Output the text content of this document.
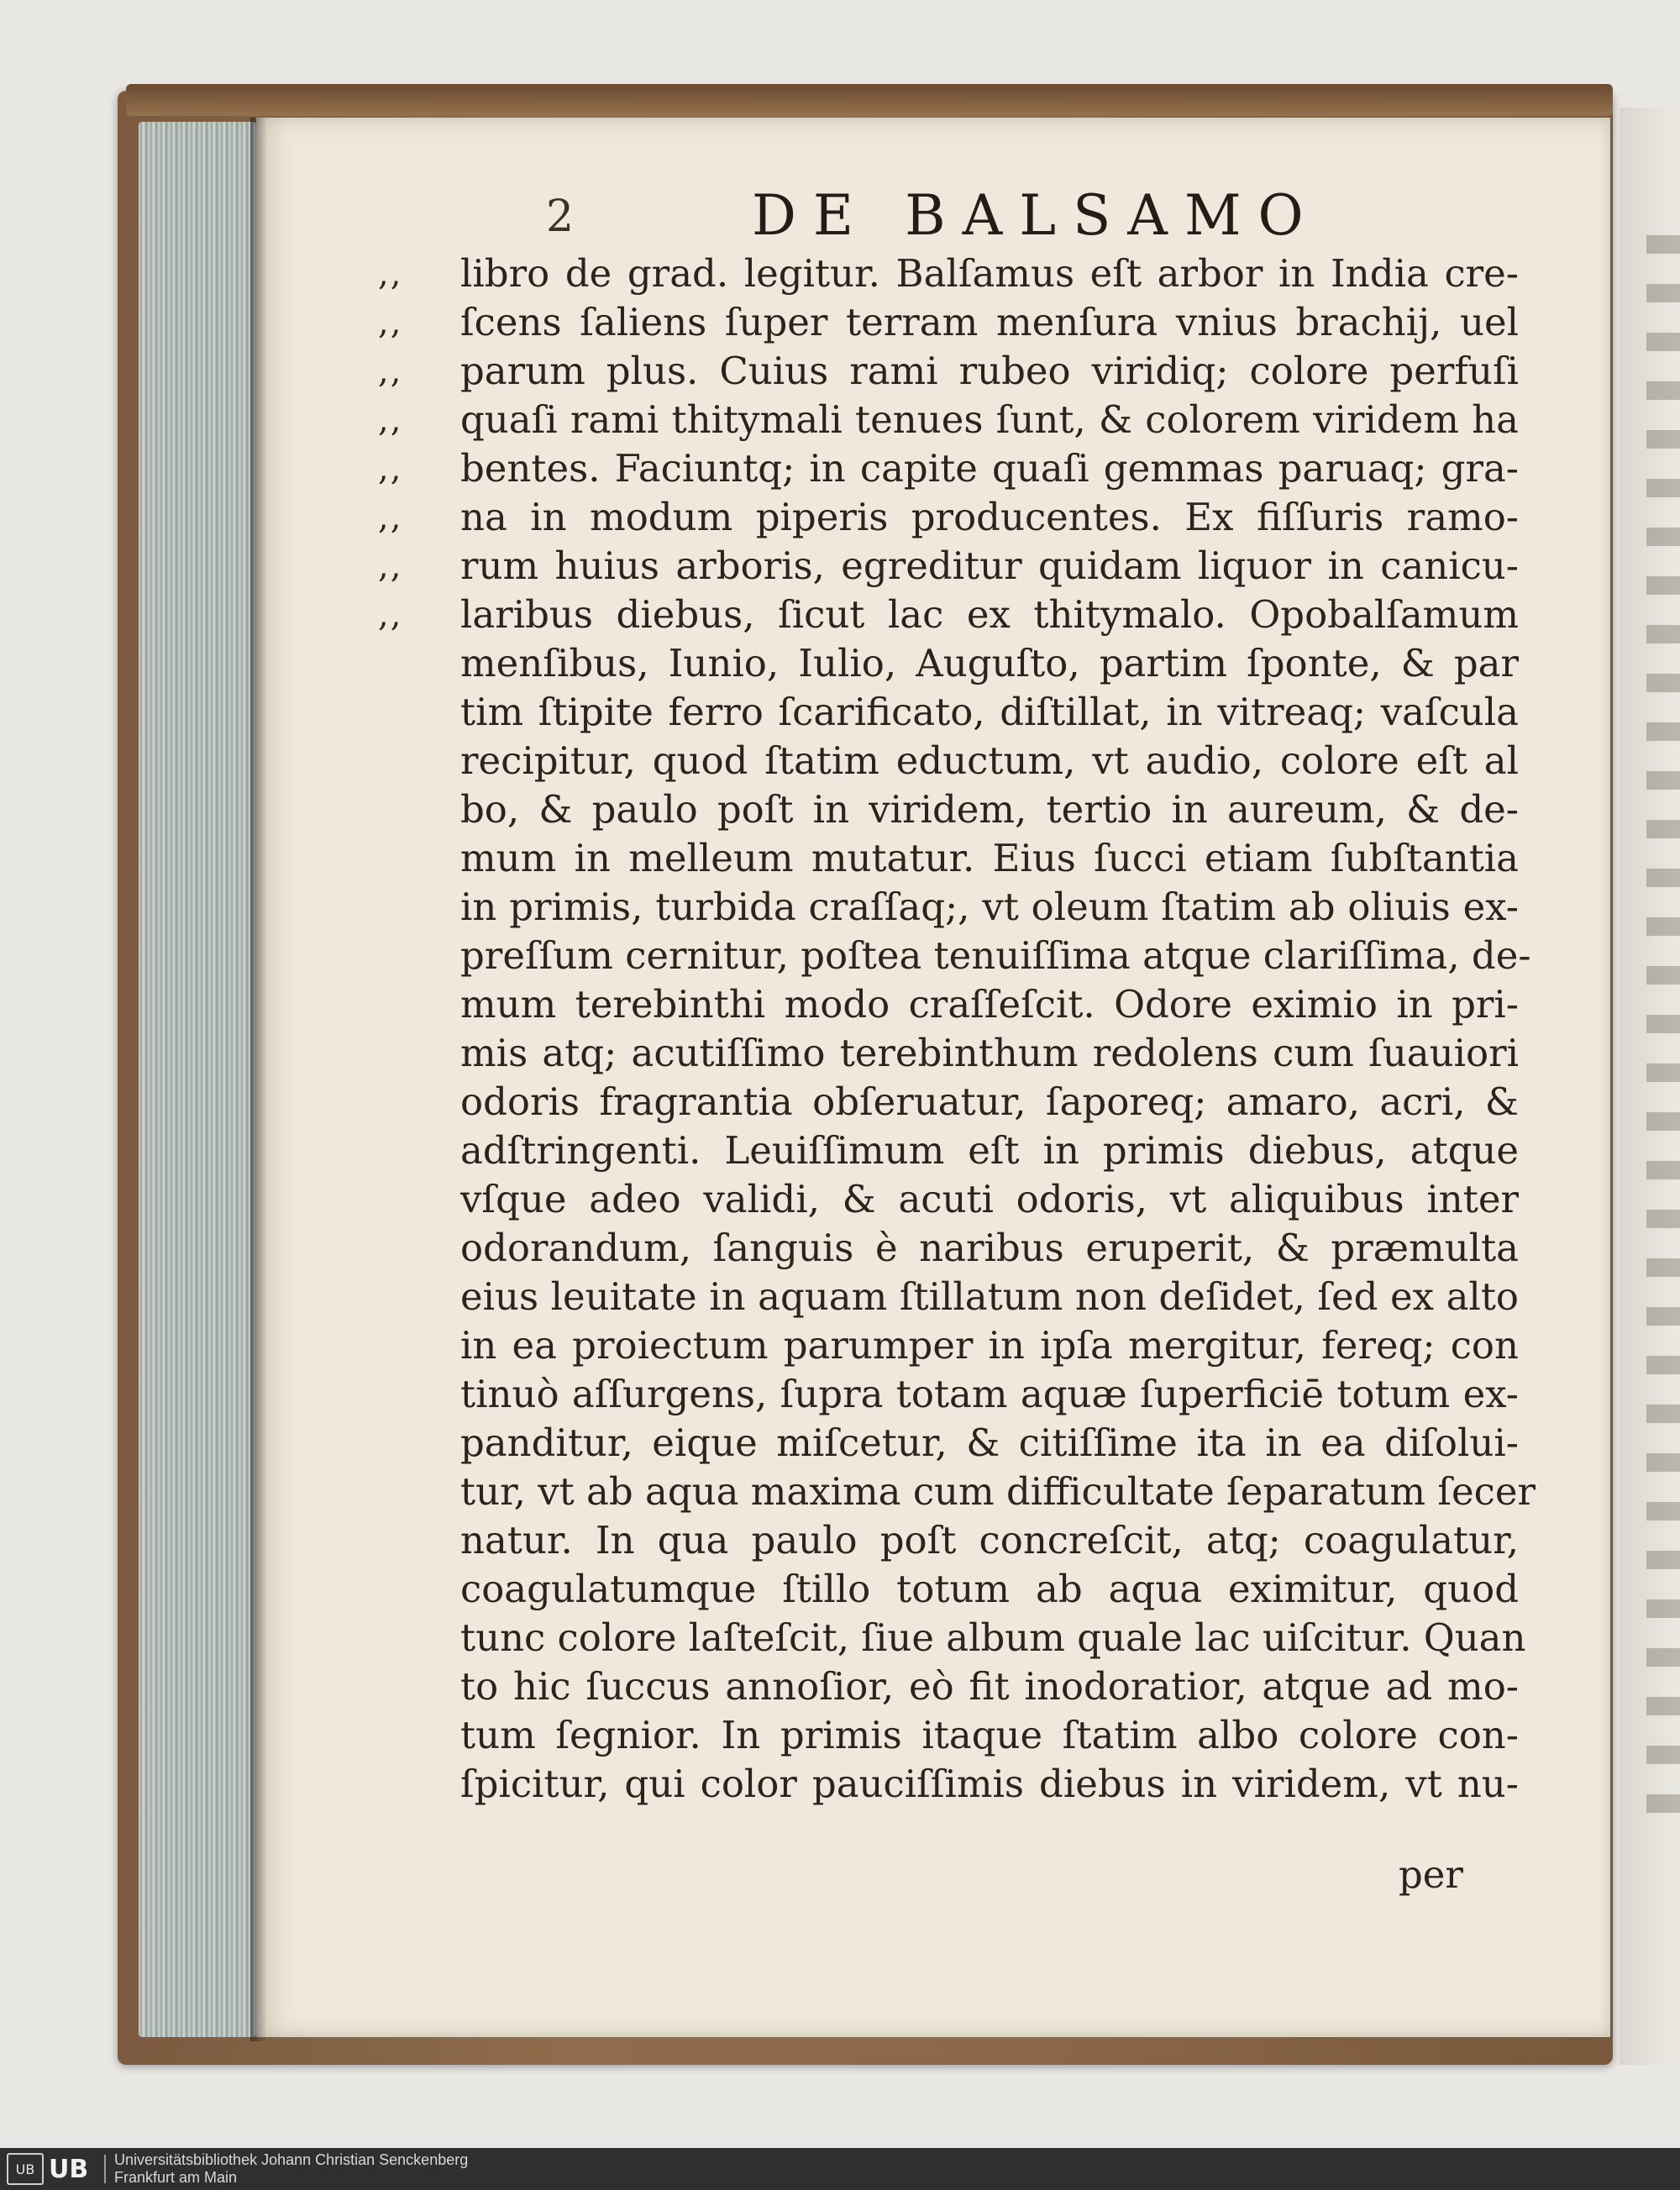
2	DE BALSAMO
,, libro de grad. legitur. Balſamus eſt arbor in India cre-
,, ſcens ſaliens ſuper terram menſura vnius brachij, uel
,, parum plus. Cuius rami rubeo viridiq; colore perfuſi
,, quaſi rami thitymali tenues ſunt, & colorem viridem ha
,, bentes. Faciuntq; in capite quaſi gemmas paruaq; gra-
,, na in modum piperis producentes. Ex fiſſuris ramo-
,, rum huius arboris, egreditur quidam liquor in canicu-
,, laribus diebus, ſicut lac ex thitymalo. Opobalſamum
menſibus, Iunio, Iulio, Auguſto, partim ſponte, & par
tim ſtipite ferro ſcarificato, diſtillat, in vitreaq; vaſcula
recipitur, quod ſtatim eductum, vt audio, colore eſt al
bo, & paulo poſt in viridem, tertio in aureum, & de-
mum in melleum mutatur. Eius ſucci etiam ſubſtantia
in primis, turbida craſſaq;, vt oleum ſtatim ab oliuis ex-
preſſum cernitur, poſtea tenuiſſima atque clariſſima, de-
mum terebinthi modo craſſeſcit. Odore eximio in pri-
mis atq; acutiſſimo terebinthum redolens cum ſuauiori
odoris fragrantia obſeruatur, ſaporeq; amaro, acri, &
adſtringenti. Leuiſſimum eſt in primis diebus, atque
vſque adeo validi, & acuti odoris, vt aliquibus inter
odorandum, ſanguis è naribus eruperit, & præmulta
eius leuitate in aquam ſtillatum non deſidet, ſed ex alto
in ea proiectum parumper in ipſa mergitur, fereq; con
tinuò aſſurgens, ſupra totam aquæ ſuperficiē totum ex-
panditur, eique miſcetur, & citiſſime ita in ea diſolui-
tur, vt ab aqua maxima cum difficultate ſeparatum ſecer
natur. In qua paulo poſt concreſcit, atq; coagulatur,
coagulatumque ſtillo totum ab aqua eximitur, quod
tunc colore laſteſcit, ſiue album quale lac uiſcitur. Quan
to hic ſuccus annoſior, eò fit inodoratior, atque ad mo-
tum ſegnior. In primis itaque ſtatim albo colore con-
ſpicitur, qui color pauciſſimis diebus in viridem, vt nu-
per
UB UB Universitätsbibliothek Johann Christian Senckenberg
Frankfurt am Main
